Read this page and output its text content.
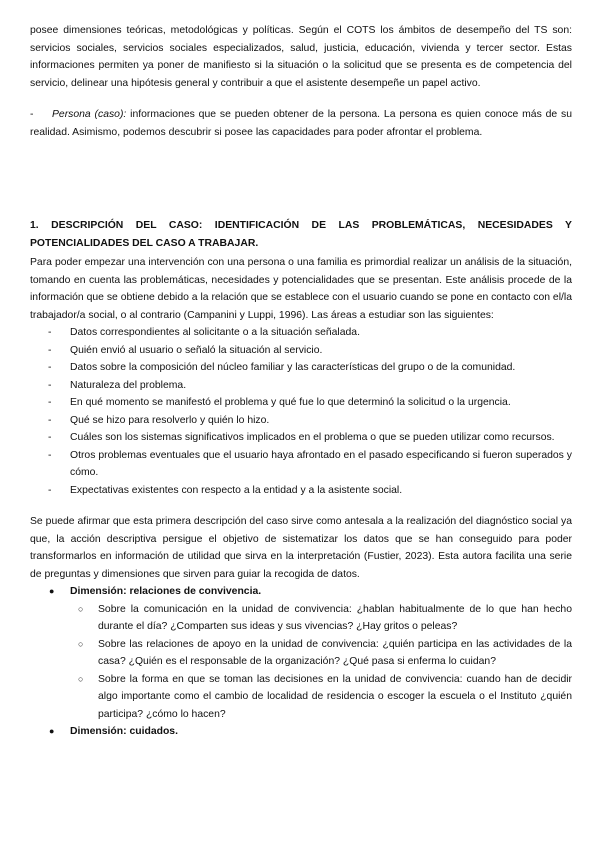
posee dimensiones teóricas, metodológicas y políticas. Según el COTS los ámbitos de desempeño del TS son: servicios sociales, servicios sociales especializados, salud, justicia, educación, vivienda y tercer sector. Estas informaciones permiten ya poner de manifiesto si la situación o la solicitud que se presenta es de competencia del servicio, delinear una hipótesis general y contribuir a que el asistente desempeñe un papel activo.

- Persona (caso): informaciones que se pueden obtener de la persona. La persona es quien conoce más de su realidad. Asimismo, podemos descubrir si posee las capacidades para poder afrontar el problema.

1. DESCRIPCIÓN DEL CASO: IDENTIFICACIÓN DE LAS PROBLEMÁTICAS, NECESIDADES Y POTENCIALIDADES DEL CASO A TRABAJAR.

Para poder empezar una intervención con una persona o una familia es primordial realizar un análisis de la situación, tomando en cuenta las problemáticas, necesidades y potencialidades que se presentan. Este análisis procede de la información que se obtiene debido a la relación que se establece con el usuario cuando se pone en contacto con el/la trabajador/a social, o al contrario (Campanini y Luppi, 1996). Las áreas a estudiar son las siguientes:

- Datos correspondientes al solicitante o a la situación señalada.
- Quién envió al usuario o señaló la situación al servicio.
- Datos sobre la composición del núcleo familiar y las características del grupo o de la comunidad.
- Naturaleza del problema.
- En qué momento se manifestó el problema y qué fue lo que determinó la solicitud o la urgencia.
- Qué se hizo para resolverlo y quién lo hizo.
- Cuáles son los sistemas significativos implicados en el problema o que se pueden utilizar como recursos.
- Otros problemas eventuales que el usuario haya afrontado en el pasado especificando si fueron superados y cómo.
- Expectativas existentes con respecto a la entidad y a la asistente social.

Se puede afirmar que esta primera descripción del caso sirve como antesala a la realización del diagnóstico social ya que, la acción descriptiva persigue el objetivo de sistematizar los datos que se han conseguido para poder transformarlos en información de utilidad que sirva en la interpretación (Fustier, 2023). Esta autora facilita una serie de preguntas y dimensiones que sirven para guiar la recogida de datos.

● Dimensión: relaciones de convivencia.
○ Sobre la comunicación en la unidad de convivencia: ¿hablan habitualmente de lo que han hecho durante el día? ¿Comparten sus ideas y sus vivencias? ¿Hay gritos o peleas?
○ Sobre las relaciones de apoyo en la unidad de convivencia: ¿quién participa en las actividades de la casa? ¿Quién es el responsable de la organización? ¿Qué pasa si enferma lo cuidan?
○ Sobre la forma en que se toman las decisiones en la unidad de convivencia: cuando han de decidir algo importante como el cambio de localidad de residencia o escoger la escuela o el Instituto ¿quién participa? ¿cómo lo hacen?
● Dimensión: cuidados.
